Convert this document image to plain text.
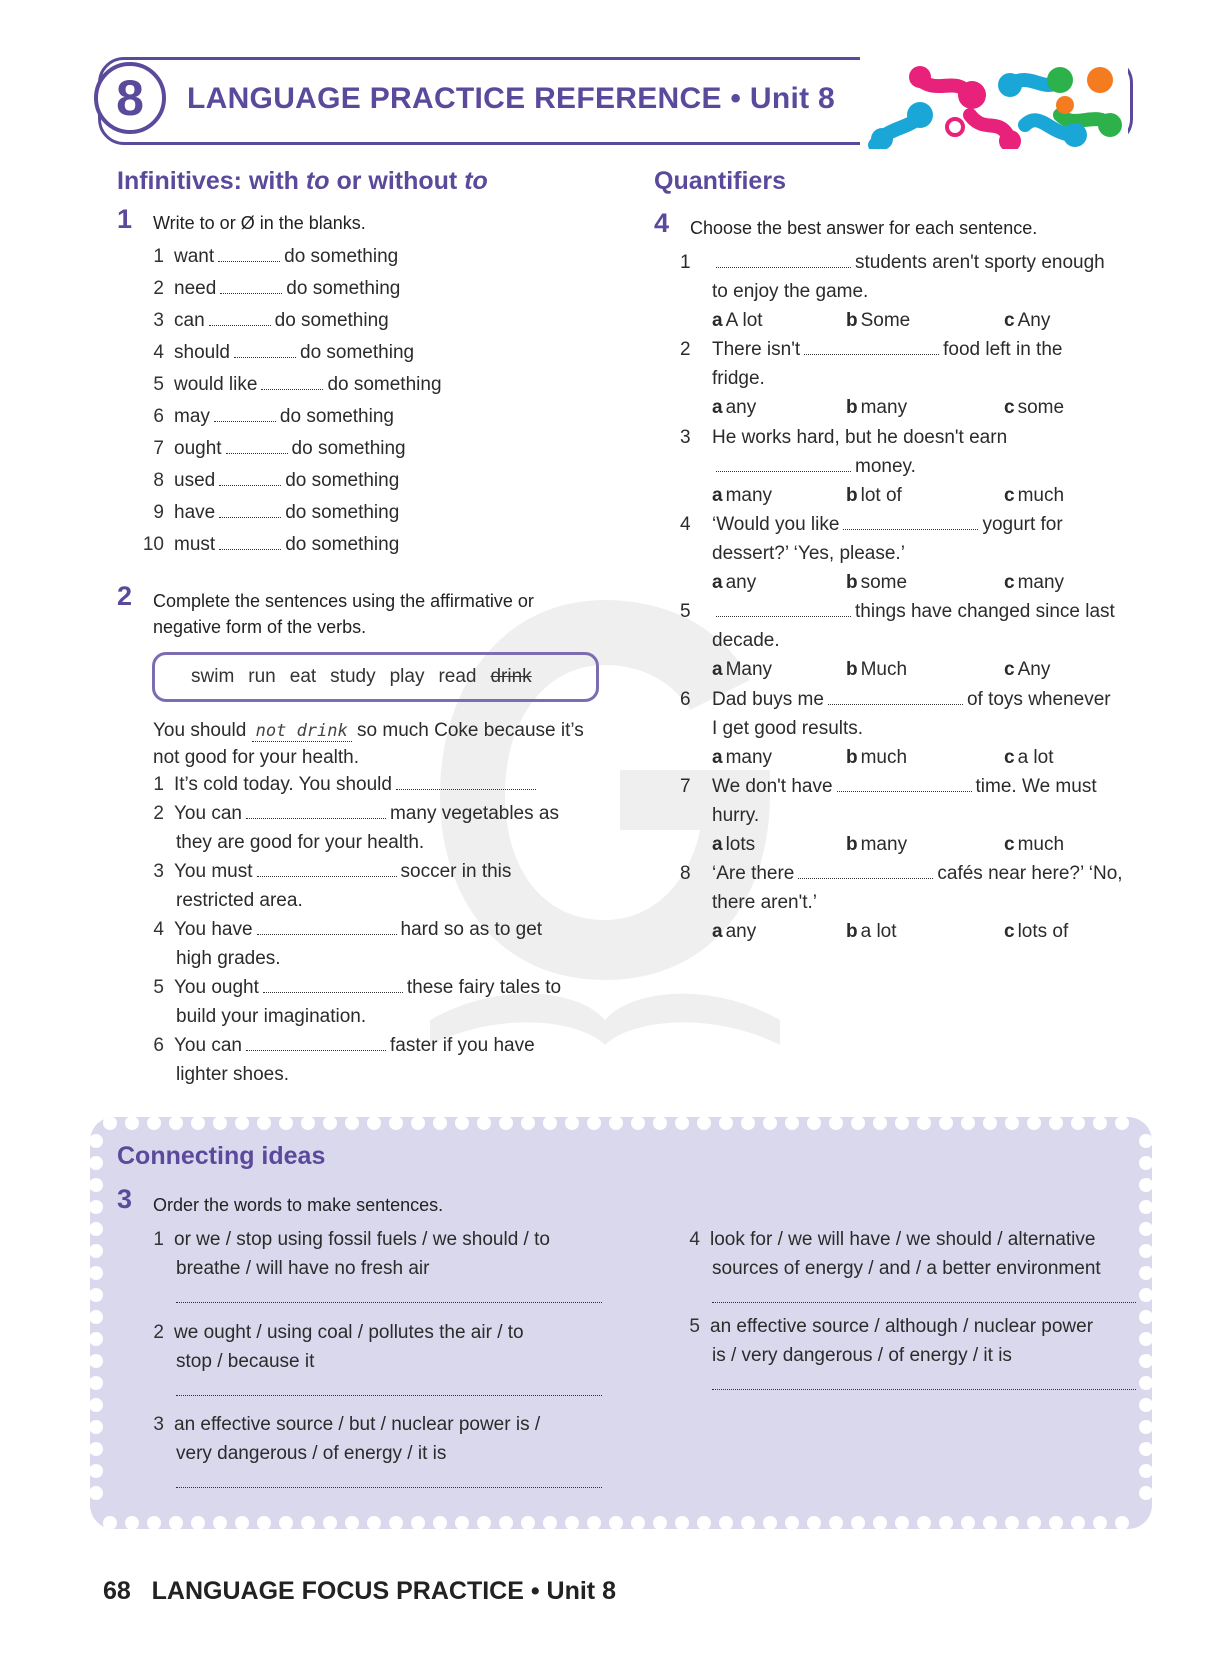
8	LANGUAGE PRACTICE REFERENCE • Unit 8
Infinitives: with to or without to
1 Write to or Ø in the blanks.
1 want	do something
2 need	do something
3 can	do something
4 should	do something
5 would like	do something
6 may	do something
7 ought	do something
8 used	do something
9 have	do something
10 must	do something
2 Complete the sentences using the affirmative or
negative form of the verbs.
swim run eat study play read drink
You should not drink so much Coke because it’s
not good for your health.
1 It’s cold today. You should
2 You can	many vegetables as
they are good for your health.
3 You must	soccer in this
restricted area.
4 You have	hard so as to get
high grades.
5 You ought	these fairy tales to
build your imagination.
6 You can	faster if you have
lighter shoes.
Quantifiers
4 Choose the best answer for each sentence.
1	students aren't sporty enough
to enjoy the game.
a A lot	b Some	c Any
2 There isn't	food left in the
fridge.
a any	b many	c some
3 He works hard, but he doesn't earn
money.
a many	b lot of	c much
4 ‘Would you like	yogurt for
dessert?’ ‘Yes, please.’
a any	b some	c many
5	things have changed since last
decade.
a Many	b Much	c Any
6 Dad buys me	of toys whenever
I get good results.
a many	b much	c a lot
7 We don't have	time. We must
hurry.
a lots	b many	c much
8 ‘Are there	cafés near here?’ ‘No,
there aren't.’
a any	b a lot	c lots of
Connecting ideas
3 Order the words to make sentences.
1 or we / stop using fossil fuels / we should / to
breathe / will have no fresh air
2 we ought / using coal / pollutes the air / to
stop / because it
3 an effective source / but / nuclear power is /
very dangerous / of energy / it is
4 look for / we will have / we should / alternative
sources of energy / and / a better environment
5 an effective source / although / nuclear power
is / very dangerous / of energy / it is
68 LANGUAGE FOCUS PRACTICE • Unit 8
